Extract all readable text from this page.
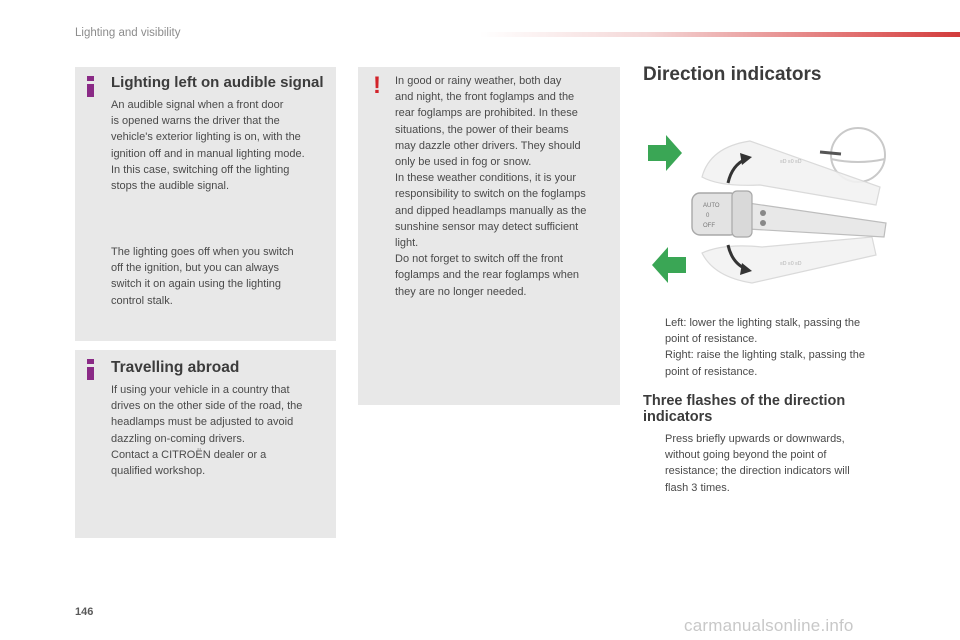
Lighting and visibility
Lighting left on audible signal
An audible signal when a front door
is opened warns the driver that the
vehicle's exterior lighting is on, with the
ignition off and in manual lighting mode.
In this case, switching off the lighting
stops the audible signal.
The lighting goes off when you switch
off the ignition, but you can always
switch it on again using the lighting
control stalk.
Travelling abroad
If using your vehicle in a country that
drives on the other side of the road, the
headlamps must be adjusted to avoid
dazzling on-coming drivers.
Contact a CITROËN dealer or a
qualified workshop.
! In good or rainy weather, both day
and night, the front foglamps and the
rear foglamps are prohibited. In these
situations, the power of their beams
may dazzle other drivers. They should
only be used in fog or snow.
In these weather conditions, it is your
responsibility to switch on the foglamps
and dipped headlamps manually as the
sunshine sensor may detect sufficient
light.
Do not forget to switch off the front
foglamps and the rear foglamps when
they are no longer needed.
Direction indicators
≡D ≡0 ≡D
≡D ≡0 ≡D
AUTO
0
OFF
Left: lower the lighting stalk, passing the
point of resistance.
Right: raise the lighting stalk, passing the
point of resistance.
Three flashes of the direction indicators
Press briefly upwards or downwards,
without going beyond the point of
resistance; the direction indicators will
flash 3 times.
146
carmanualsonline.info
